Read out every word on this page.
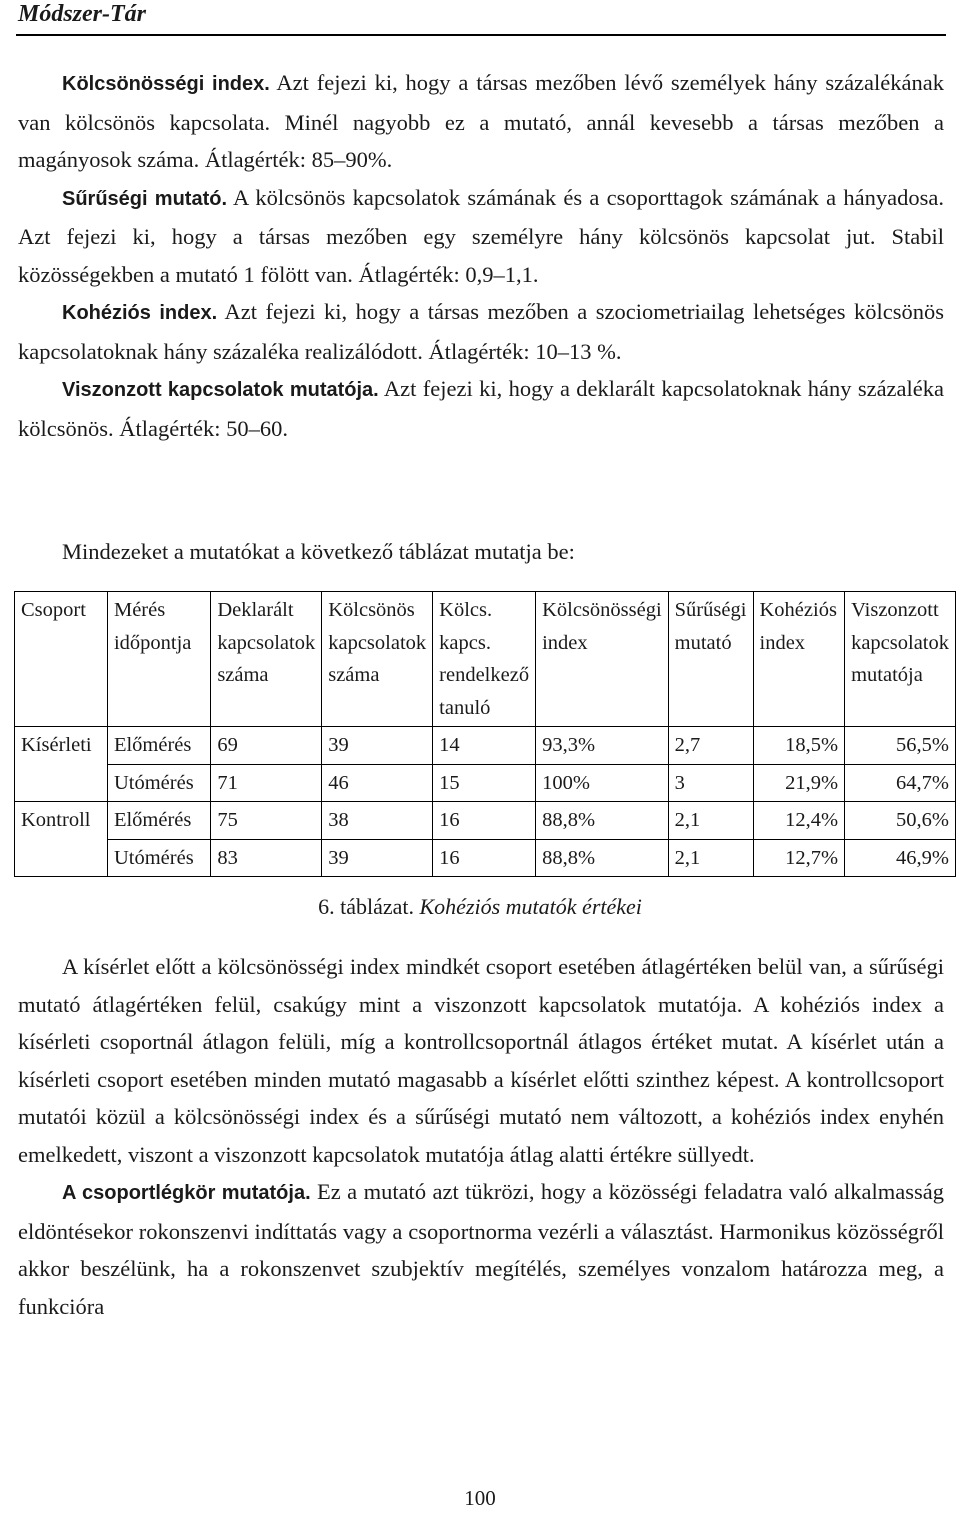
Módszer-Tár

Kölcsönösségi index. Azt fejezi ki, hogy a társas mezőben lévő személyek hány százalékának van kölcsönös kapcsolata. Minél nagyobb ez a mutató, annál kevesebb a társas mezőben a magányosok száma. Átlagérték: 85–90%.

Sűrűségi mutató. A kölcsönös kapcsolatok számának és a csoporttagok számának a hányadosa. Azt fejezi ki, hogy a társas mezőben egy személyre hány kölcsönös kapcsolat jut. Stabil közösségekben a mutató 1 fölött van. Átlagérték: 0,9–1,1.

Kohéziós index. Azt fejezi ki, hogy a társas mezőben a szociometriailag lehetséges kölcsönös kapcsolatoknak hány százaléka realizálódott. Átlagérték: 10–13 %.

Viszonzott kapcsolatok mutatója. Azt fejezi ki, hogy a deklarált kapcsolatoknak hány százaléka kölcsönös. Átlagérték: 50–60.

Mindezeket a mutatókat a következő táblázat mutatja be:
Csoport	Mérés időpontja	Deklarált kapcsolatok száma	Kölcsönös kapcsolatok száma	Kölcs. kapcs. rendelkező tanuló	Kölcsönösségi index	Sűrűségi mutató	Kohéziós index	Viszonzott kapcsolatok mutatója
Kísérleti	Előmérés	69	39	14	93,3%	2,7	18,5%	56,5%
	Utómérés	71	46	15	100%	3	21,9%	64,7%
Kontroll	Előmérés	75	38	16	88,8%	2,1	12,4%	50,6%
	Utómérés	83	39	16	88,8%	2,1	12,7%	46,9%
6. táblázat. Kohéziós mutatók értékei

A kísérlet előtt a kölcsönösségi index mindkét csoport esetében átlagértéken belül van, a sűrűségi mutató átlagértéken felül, csakúgy mint a viszonzott kapcsolatok mutatója. A kohéziós index a kísérleti csoportnál átlagon felüli, míg a kontrollcsoportnál átlagos értéket mutat. A kísérlet után a kísérleti csoport esetében minden mutató magasabb a kísérlet előtti szinthez képest. A kontrollcsoport mutatói közül a kölcsönösségi index és a sűrűségi mutató nem változott, a kohéziós index enyhén emelkedett, viszont a viszonzott kapcsolatok mutatója átlag alatti értékre süllyedt.

A csoportlégkör mutatója. Ez a mutató azt tükrözi, hogy a közösségi feladatra való alkalmasság eldöntésekor rokonszenvi indíttatás vagy a csoportnorma vezérli a választást. Harmonikus közösségről akkor beszélünk, ha a rokonszenvet szubjektív megítélés, személyes vonzalom határozza meg, a funkcióra

100
